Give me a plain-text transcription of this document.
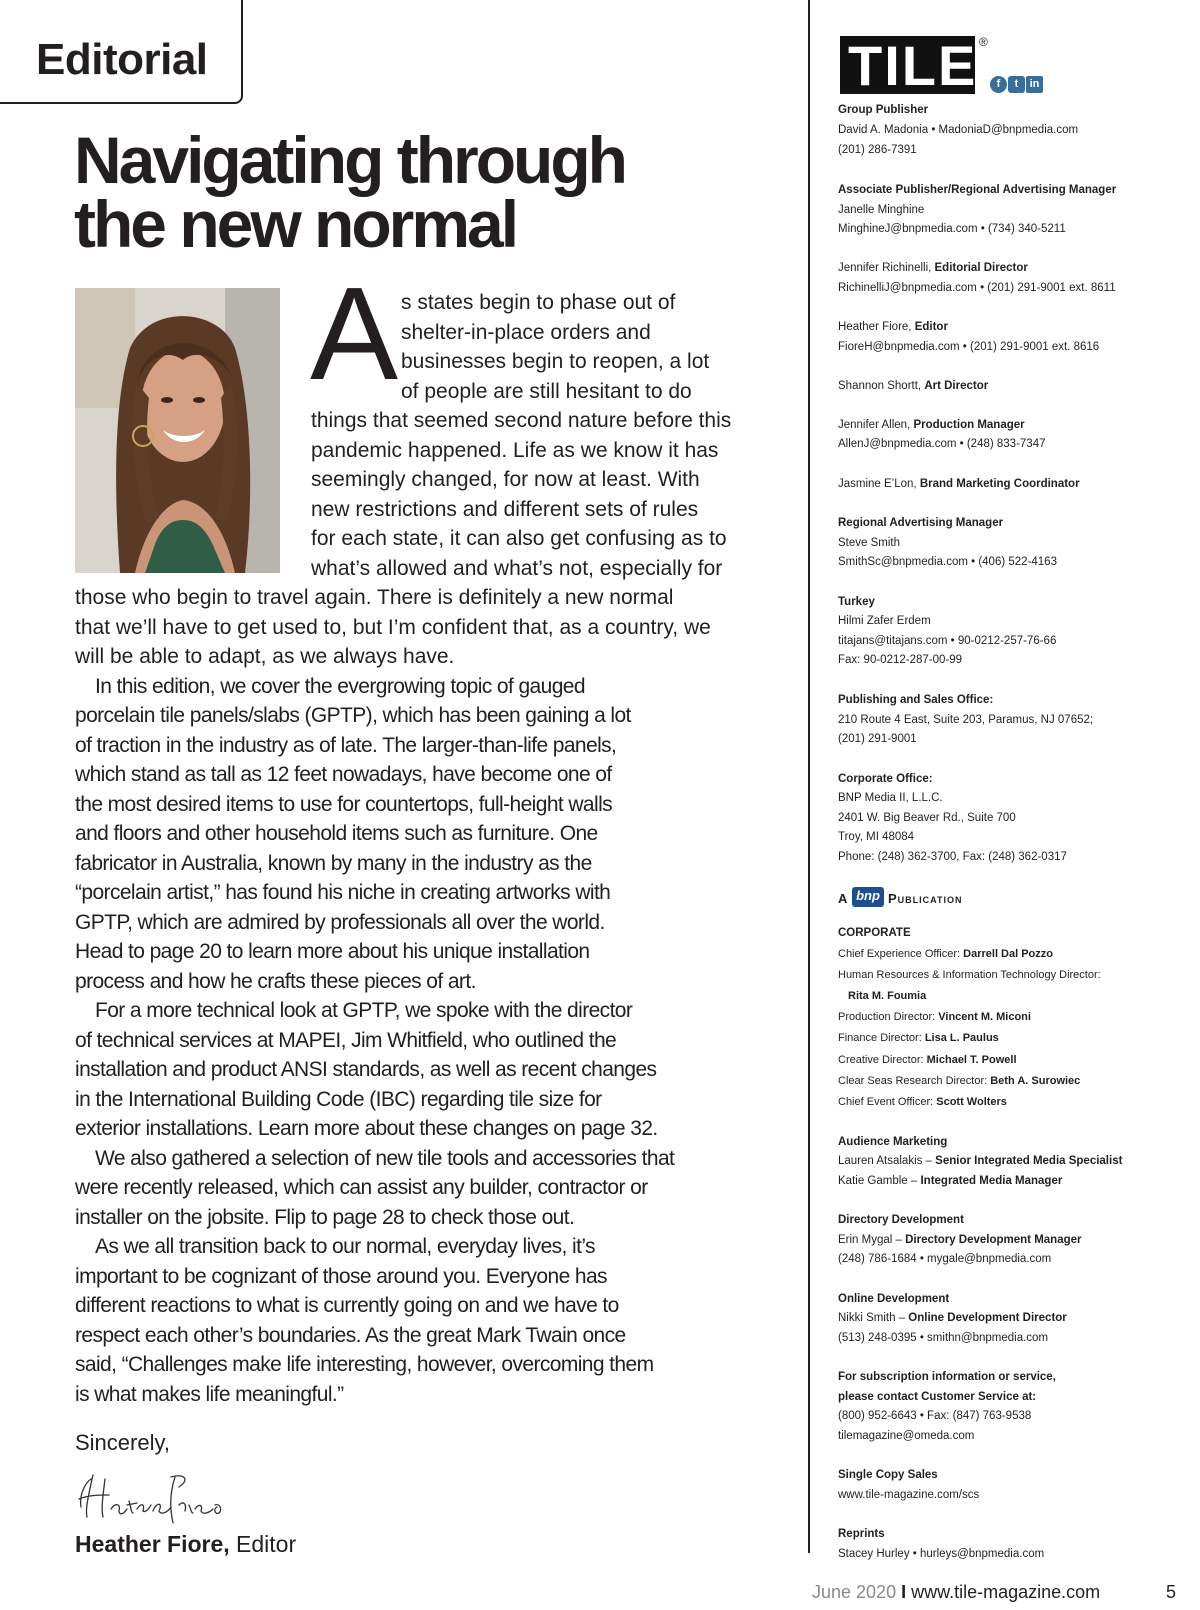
Editorial
Navigating through
the new normal
A s states begin to phase out of
shelter-in-place orders and
businesses begin to reopen, a lot
of people are still hesitant to do
things that seemed second nature before this
pandemic happened. Life as we know it has
seemingly changed, for now at least. With
new restrictions and different sets of rules
for each state, it can also get confusing as to
what’s allowed and what’s not, especially for
those who begin to travel again. There is definitely a new normal
that we’ll have to get used to, but I’m confident that, as a country, we
will be able to adapt, as we always have.
In this edition, we cover the evergrowing topic of gauged
porcelain tile panels/slabs (GPTP), which has been gaining a lot
of traction in the industry as of late. The larger-than-life panels,
which stand as tall as 12 feet nowadays, have become one of
the most desired items to use for countertops, full-height walls
and floors and other household items such as furniture. One
fabricator in Australia, known by many in the industry as the
“porcelain artist,” has found his niche in creating artworks with
GPTP, which are admired by professionals all over the world.
Head to page 20 to learn more about his unique installation
process and how he crafts these pieces of art.
For a more technical look at GPTP, we spoke with the director
of technical services at MAPEI, Jim Whitfield, who outlined the
installation and product ANSI standards, as well as recent changes
in the International Building Code (IBC) regarding tile size for
exterior installations. Learn more about these changes on page 32.
We also gathered a selection of new tile tools and accessories that
were recently released, which can assist any builder, contractor or
installer on the jobsite. Flip to page 28 to check those out.
As we all transition back to our normal, everyday lives, it’s
important to be cognizant of those around you. Everyone has
different reactions to what is currently going on and we have to
respect each other’s boundaries. As the great Mark Twain once
said, “Challenges make life interesting, however, overcoming them
is what makes life meaningful.”
Sincerely,
Heather Fiore, Editor
TILE ®
f t in
Group Publisher
David A. Madonia • MadoniaD@bnpmedia.com
(201) 286-7391
Associate Publisher/Regional Advertising Manager
Janelle Minghine
MinghineJ@bnpmedia.com • (734) 340-5211
Jennifer Richinelli, Editorial Director
RichinelliJ@bnpmedia.com • (201) 291-9001 ext. 8611
Heather Fiore, Editor
FioreH@bnpmedia.com • (201) 291-9001 ext. 8616
Shannon Shortt, Art Director
Jennifer Allen, Production Manager
AllenJ@bnpmedia.com • (248) 833-7347
Jasmine E’Lon, Brand Marketing Coordinator
Regional Advertising Manager
Steve Smith
SmithSc@bnpmedia.com • (406) 522-4163
Turkey
Hilmi Zafer Erdem
titajans@titajans.com • 90-0212-257-76-66
Fax: 90-0212-287-00-99
Publishing and Sales Office:
210 Route 4 East, Suite 203, Paramus, NJ 07652;
(201) 291-9001
Corporate Office:
BNP Media II, L.L.C.
2401 W. Big Beaver Rd., Suite 700
Troy, MI 48084
Phone: (248) 362-3700, Fax: (248) 362-0317
A bnp Publication
CORPORATE
Chief Experience Officer: Darrell Dal Pozzo
Human Resources & Information Technology Director:
Rita M. Foumia
Production Director: Vincent M. Miconi
Finance Director: Lisa L. Paulus
Creative Director: Michael T. Powell
Clear Seas Research Director: Beth A. Surowiec
Chief Event Officer: Scott Wolters
Audience Marketing
Lauren Atsalakis – Senior Integrated Media Specialist
Katie Gamble – Integrated Media Manager
Directory Development
Erin Mygal – Directory Development Manager
(248) 786-1684 • mygale@bnpmedia.com
Online Development
Nikki Smith – Online Development Director
(513) 248-0395 • smithn@bnpmedia.com
For subscription information or service,
please contact Customer Service at:
(800) 952-6643 • Fax: (847) 763-9538
tilemagazine@omeda.com
Single Copy Sales
www.tile-magazine.com/scs
Reprints
Stacey Hurley • hurleys@bnpmedia.com
June 2020 I www.tile-magazine.com	5
